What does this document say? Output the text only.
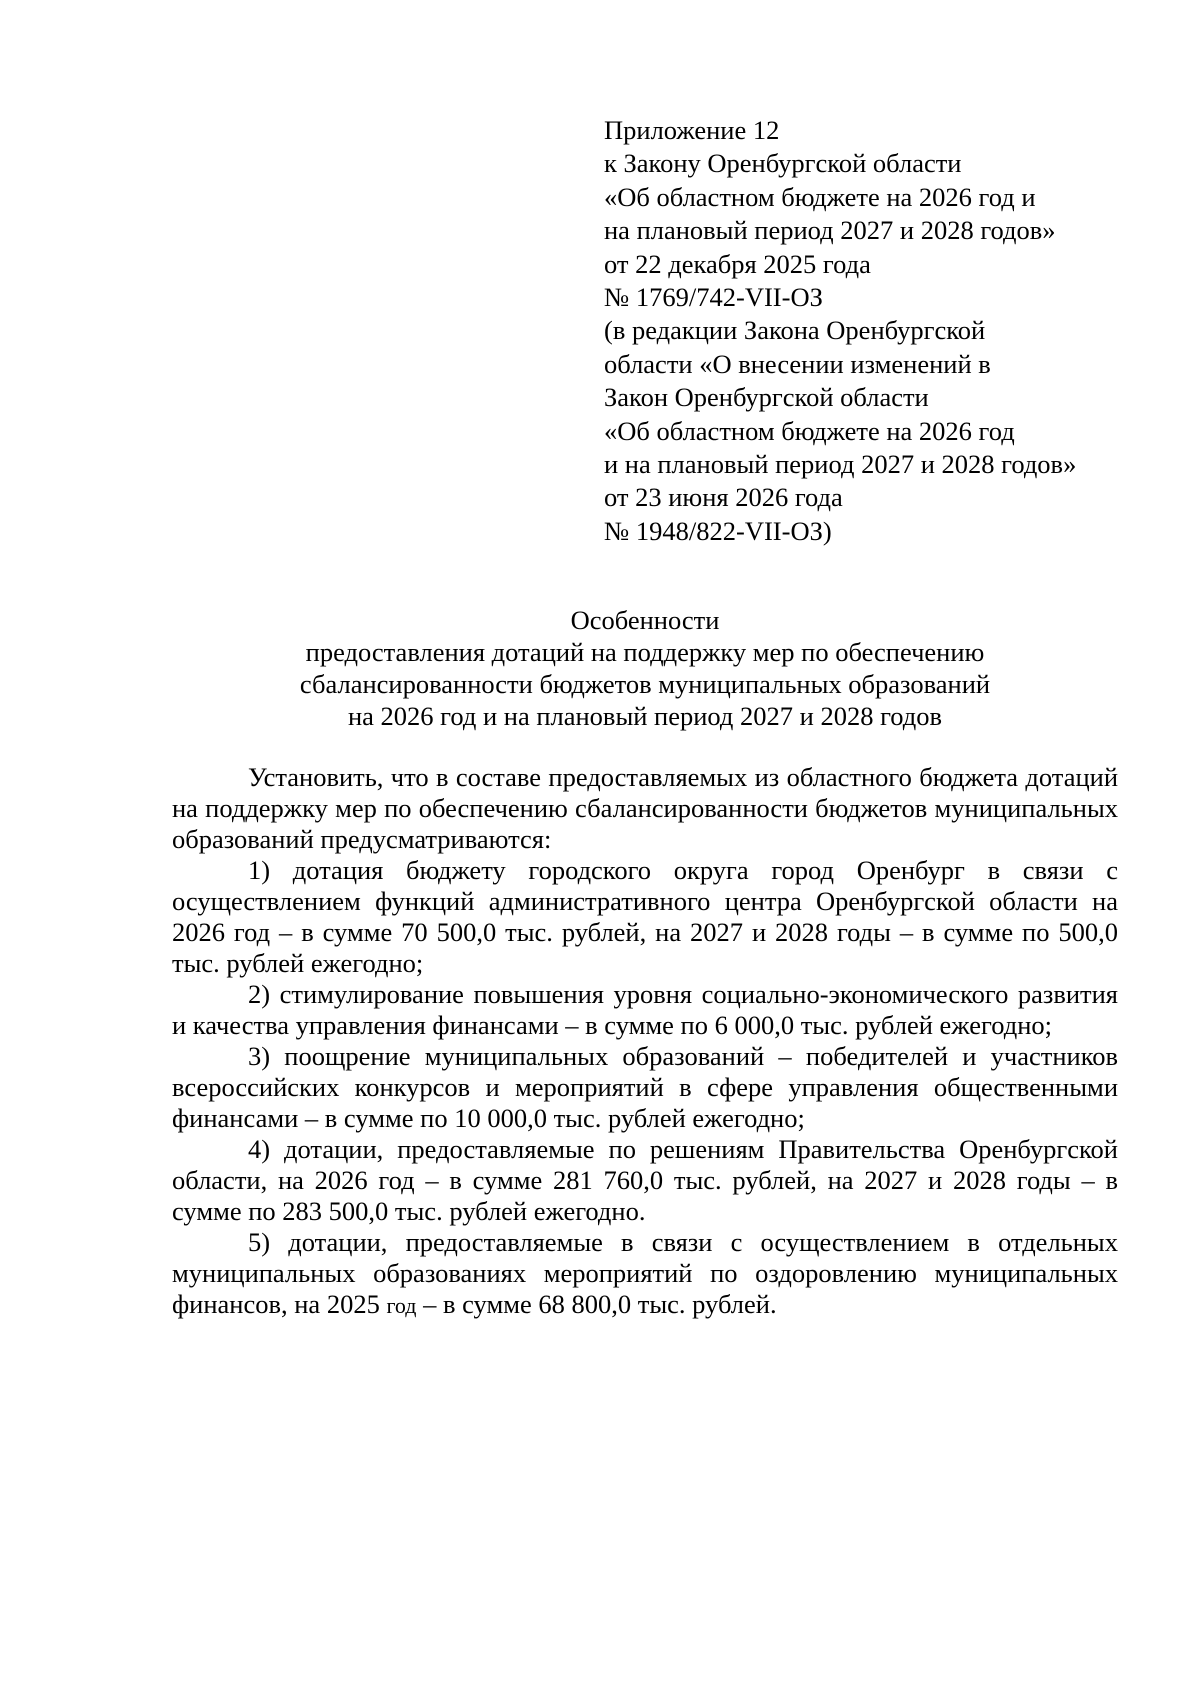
Приложение 12
к Закону Оренбургской области
«Об областном бюджете на 2026 год и
на плановый период 2027 и 2028 годов»
от 22 декабря 2025 года
№ 1769/742-VII-ОЗ
(в редакции Закона Оренбургской
области «О внесении изменений в
Закон Оренбургской области
«Об областном бюджете на 2026 год
и на плановый период 2027 и 2028 годов»
от 23 июня 2026 года
№ 1948/822-VII-ОЗ)
Особенности
предоставления дотаций на поддержку мер по обеспечению
сбалансированности бюджетов муниципальных образований
на 2026 год и на плановый период 2027 и 2028 годов

Установить, что в составе предоставляемых из областного бюджета дотаций на поддержку мер по обеспечению сбалансированности бюджетов муниципальных образований предусматриваются:

1) дотация бюджету городского округа город Оренбург в связи с осуществлением функций административного центра Оренбургской области на 2026 год – в сумме 70 500,0 тыс. рублей, на 2027 и 2028 годы – в сумме по 500,0 тыс. рублей ежегодно;

2) стимулирование повышения уровня социально-экономического развития и качества управления финансами – в сумме по 6 000,0 тыс. рублей ежегодно;

3) поощрение муниципальных образований – победителей и участников всероссийских конкурсов и мероприятий в сфере управления общественными финансами – в сумме по 10 000,0 тыс. рублей ежегодно;

4) дотации, предоставляемые по решениям Правительства Оренбургской области, на 2026 год – в сумме 281 760,0 тыс. рублей, на 2027 и 2028 годы – в сумме по 283 500,0 тыс. рублей ежегодно.

5) дотации, предоставляемые в связи с осуществлением в отдельных муниципальных образованиях мероприятий по оздоровлению муниципальных финансов, на 2025 год – в сумме 68 800,0 тыс. рублей.
